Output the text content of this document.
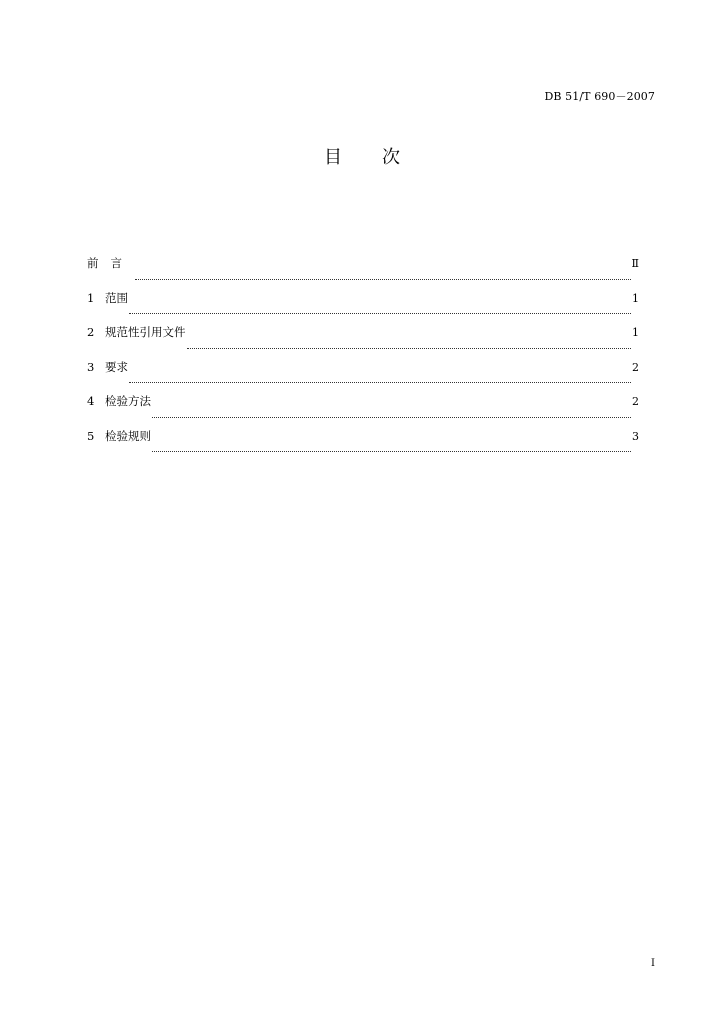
DB 51/T 690－2007
目 次
前言	Ⅱ
1 范围	1
2 规范性引用文件	1
3 要求	2
4 检验方法	2
5 检验规则	3
I
